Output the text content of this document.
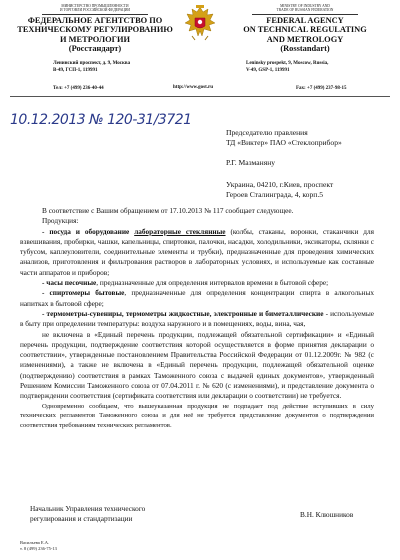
МИНИСТЕРСТВО ПРОМЫШЛЕННОСТИ
И ТОРГОВЛИ РОССИЙСКОЙ ФЕДЕРАЦИИ
ФЕДЕРАЛЬНОЕ АГЕНТСТВО ПО
ТЕХНИЧЕСКОМУ РЕГУЛИРОВАНИЮ
И МЕТРОЛОГИИ
(Росстандарт)
Ленинский проспект, д. 9, Москва
В-49, ГСП-1, 119991
Тел: +7 (499) 236-40-44
MINISTRY OF INDUSTRY AND
TRADE OF RUSSIAN FEDERATION
FEDERAL AGENCY
ON TECHNICAL REGULATING
AND METROLOGY
(Rosstandart)
Leninsky prospekt, 9, Moscow, Russia,
V-49, GSP-1, 119991
Fax: +7 (499) 237-98-15
http://www.gost.ru
10.12.2013 № 120-31/3721
Председателю правления
ТД «Виктер» ПАО «Стеклоприбор»
Р.Г. Мазманяну
Украина, 04210, г.Киев, проспект
Героев Сталинграда, 4, корп.5

В соответствие с Вашим обращением от 17.10.2013 № 117 сообщает следующее.

Продукция:

- посуда и оборудование лабораторные стеклянные (колбы, стаканы, воронки, стаканчики для взвешивания, пробирки, чашки, капельницы, спиртовки, палочки, насадки, холодильники, эксикаторы, склянки с тубусом, каплеуловители, соединительные элементы и трубки), предназначенные для проведения химических анализов, приготовления и фильтрования растворов в лабораторных условиях, и используемые как составные части аппаратов и приборов;

- часы песочные, предназначенные для определения интервалов времени в бытовой сфере;

- спиртомеры бытовые, предназначенные для определения концентрации спирта в алкогольных напитках в бытовой сфере;

- термометры-сувениры, термометры жидкостные, электронные и биметаллические - используемые в быту при определении температуры: воздуха наружного и в помещениях, воды, вина, чая,

не включена в «Единый перечень продукции, подлежащей обязательной сертификации» и «Единый перечень продукции, подтверждение соответствия которой осуществляется в форме принятия декларации о соответствии», утвержденные постановлением Правительства Российской Федерации от 01.12.2009г. № 982 (с изменениями), а также не включена в «Единый перечень продукции, подлежащей обязательной оценке (подтверждению) соответствия в рамках Таможенного союза с выдачей единых документов», утвержденный Решением Комиссии Таможенного союза от 07.04.2011 г. № 620 (с изменениями), и представление документа о подтверждении соответствия (сертификата соответствия или декларации о соответствии) не требуется.

Одновременно сообщаем, что вышеуказанная продукция не подпадает под действие вступивших в силу технических регламентов Таможенного союза и для неё не требуется представление документов о подтверждении соответствия требованиям технических регламентов.

Начальник Управления технического
регулирования и стандартизации	В.Н. Клюшников
Васильева Е.А.
т. 8 (499) 236-75-13
